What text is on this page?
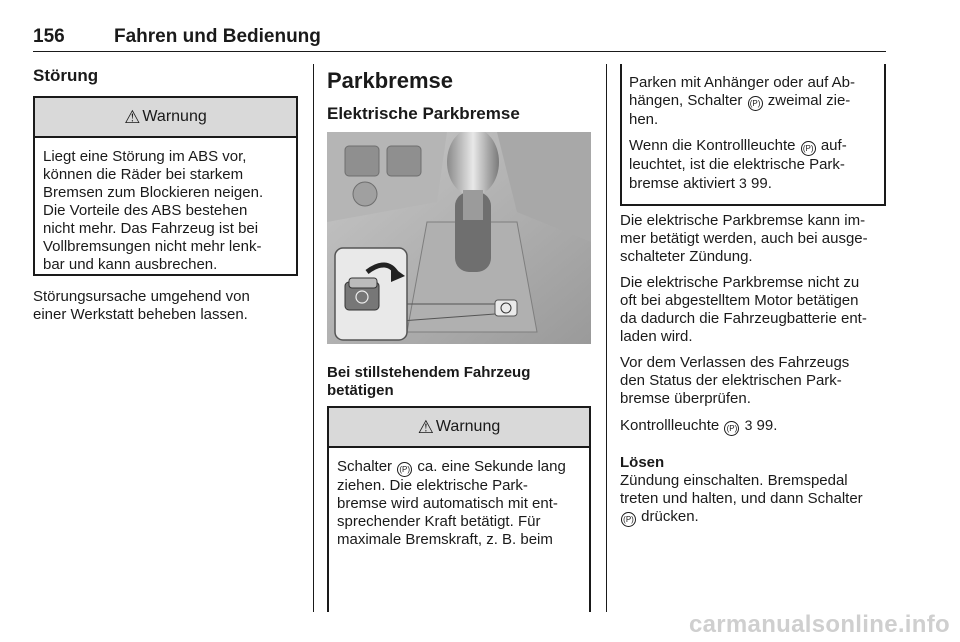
156	Fahren und Bedienung
Störung
⚠ Warnung
Liegt eine Störung im ABS vor,
können die Räder bei starkem
Bremsen zum Blockieren neigen.
Die Vorteile des ABS bestehen
nicht mehr. Das Fahrzeug ist bei
Vollbremsungen nicht mehr lenk-
bar und kann ausbrechen.

Störungsursache umgehend von
einer Werkstatt beheben lassen.

Parkbremse
Elektrische Parkbremse
Bei stillstehendem Fahrzeug
betätigen
⚠ Warnung
Schalter (P) ca. eine Sekunde lang
ziehen. Die elektrische Park-
bremse wird automatisch mit ent-
sprechender Kraft betätigt. Für
maximale Bremskraft, z. B. beim

Parken mit Anhänger oder auf Ab-
hängen, Schalter (P) zweimal zie-
hen.

Wenn die Kontrollleuchte (P) auf-
leuchtet, ist die elektrische Park-
bremse aktiviert 3 99.

Die elektrische Parkbremse kann im-
mer betätigt werden, auch bei ausge-
schalteter Zündung.

Die elektrische Parkbremse nicht zu
oft bei abgestelltem Motor betätigen
da dadurch die Fahrzeugbatterie ent-
laden wird.

Vor dem Verlassen des Fahrzeugs
den Status der elektrischen Park-
bremse überprüfen.

Kontrollleuchte (P) 3 99.

Lösen

Zündung einschalten. Bremspedal
treten und halten, und dann Schalter
(P) drücken.

carmanualsonline.info
